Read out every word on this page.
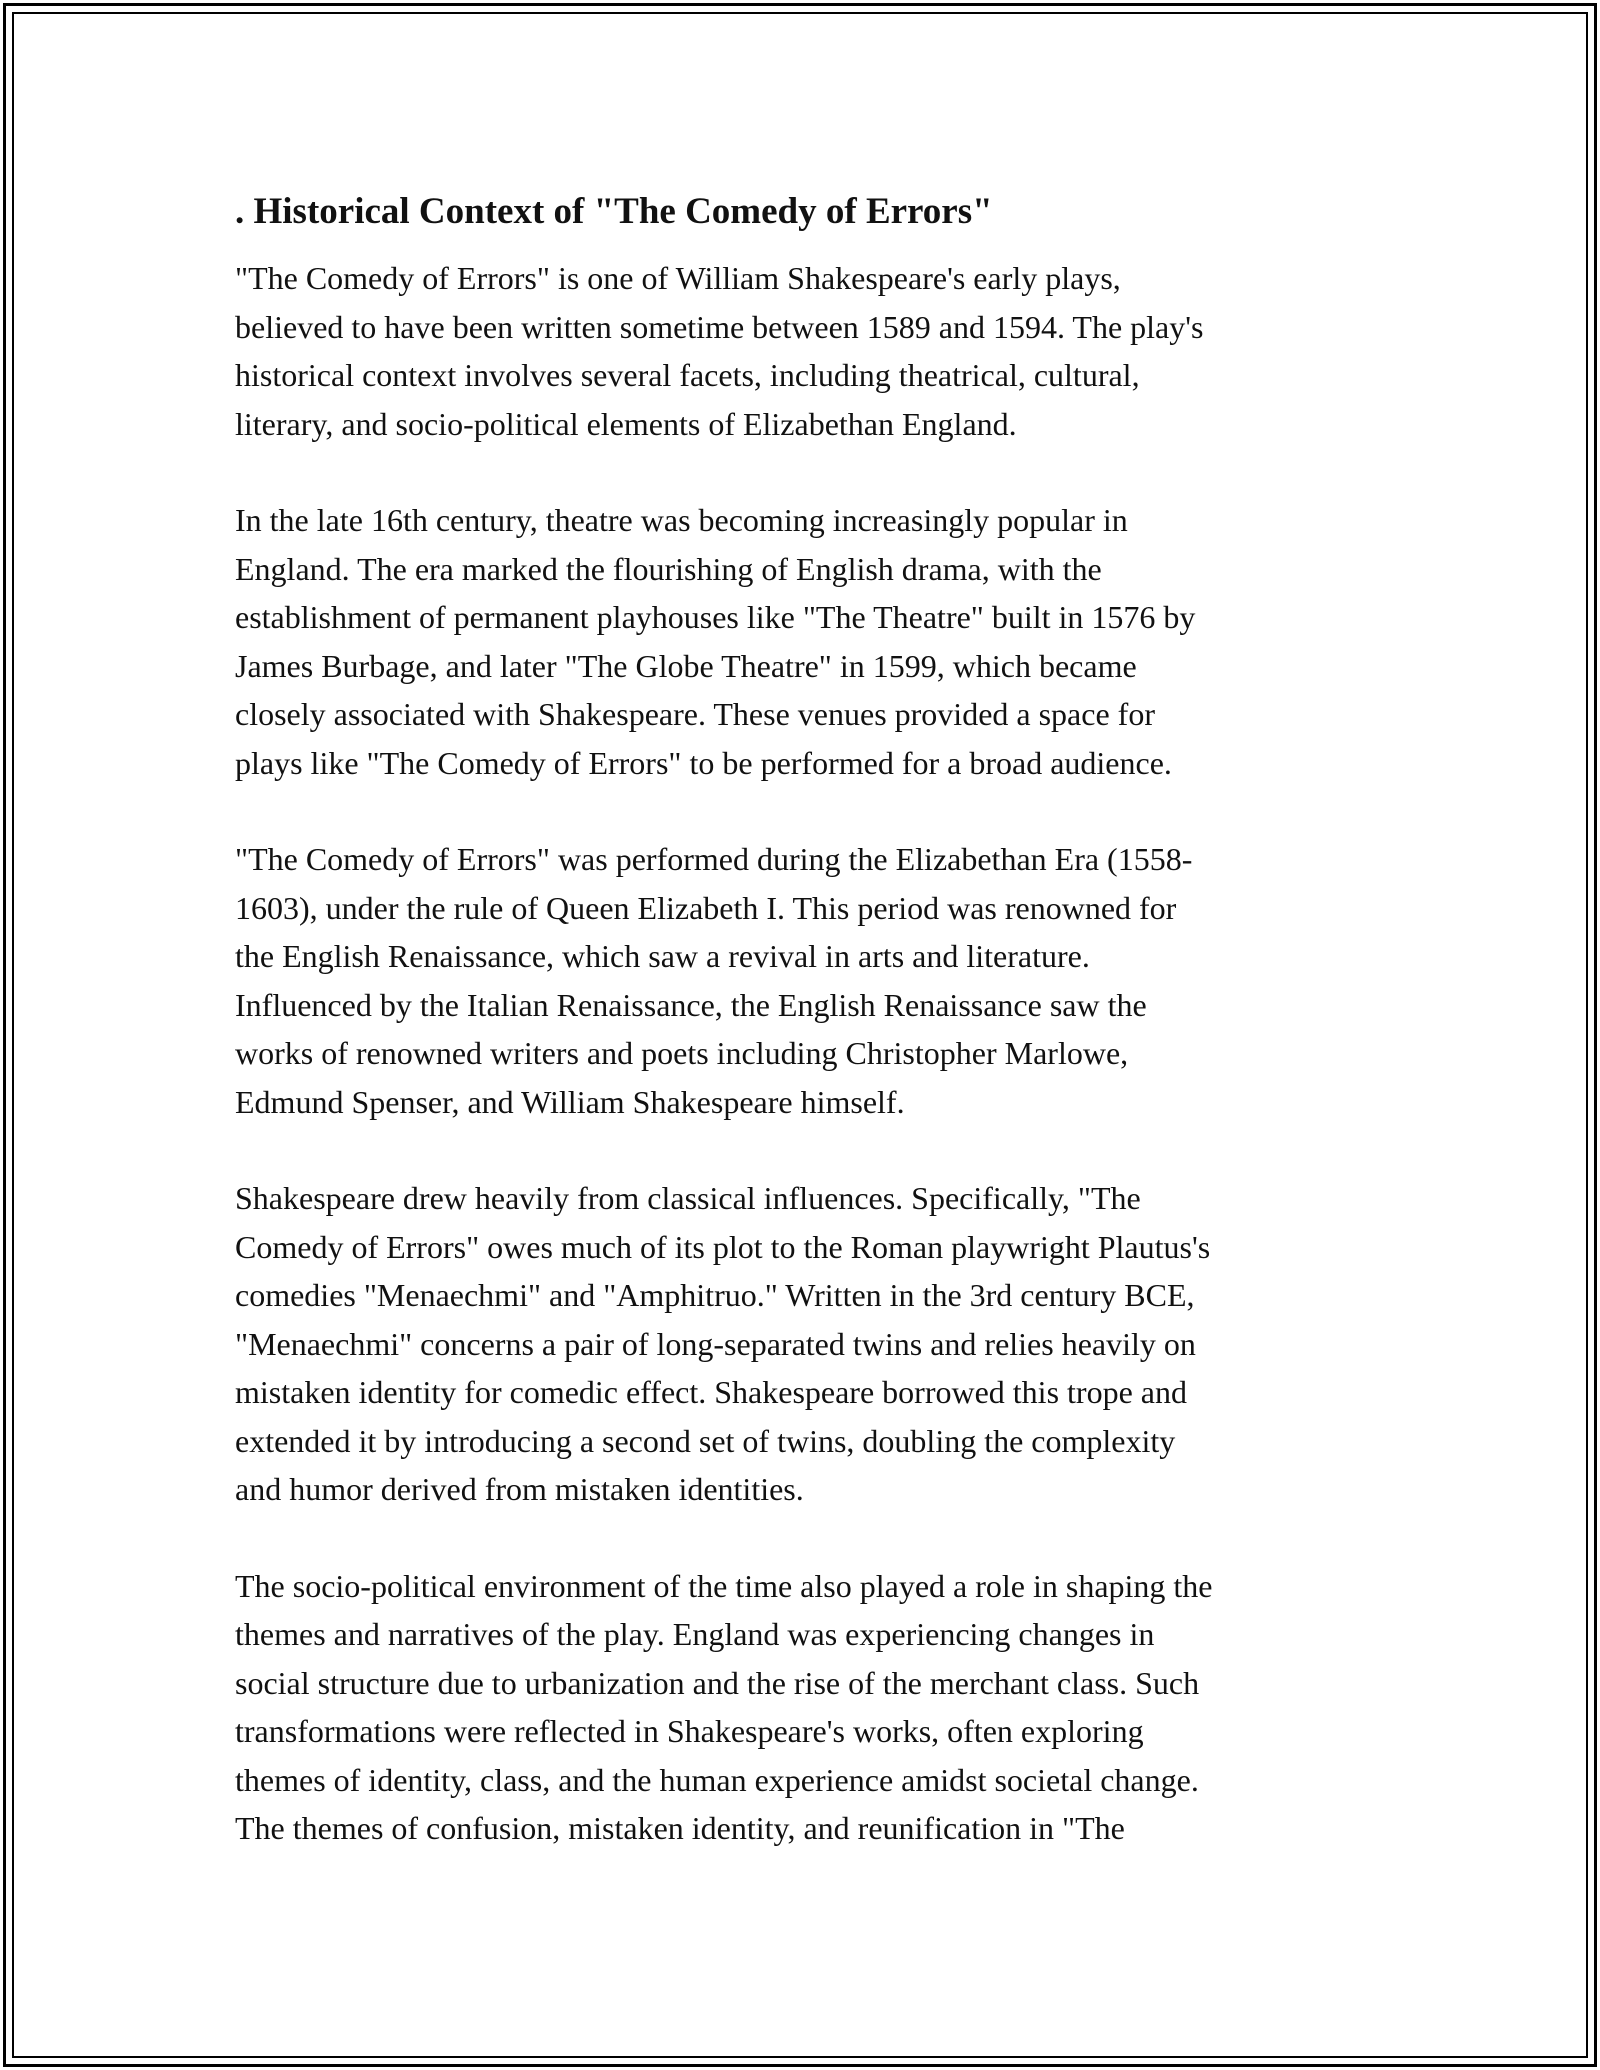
. Historical Context of "The Comedy of Errors"

"The Comedy of Errors" is one of William Shakespeare's early plays,
believed to have been written sometime between 1589 and 1594. The play's
historical context involves several facets, including theatrical, cultural,
literary, and socio-political elements of Elizabethan England.

In the late 16th century, theatre was becoming increasingly popular in
England. The era marked the flourishing of English drama, with the
establishment of permanent playhouses like "The Theatre" built in 1576 by
James Burbage, and later "The Globe Theatre" in 1599, which became
closely associated with Shakespeare. These venues provided a space for
plays like "The Comedy of Errors" to be performed for a broad audience.

"The Comedy of Errors" was performed during the Elizabethan Era (1558-
1603), under the rule of Queen Elizabeth I. This period was renowned for
the English Renaissance, which saw a revival in arts and literature.
Influenced by the Italian Renaissance, the English Renaissance saw the
works of renowned writers and poets including Christopher Marlowe,
Edmund Spenser, and William Shakespeare himself.

Shakespeare drew heavily from classical influences. Specifically, "The
Comedy of Errors" owes much of its plot to the Roman playwright Plautus's
comedies "Menaechmi" and "Amphitruo." Written in the 3rd century BCE,
"Menaechmi" concerns a pair of long-separated twins and relies heavily on
mistaken identity for comedic effect. Shakespeare borrowed this trope and
extended it by introducing a second set of twins, doubling the complexity
and humor derived from mistaken identities.

The socio-political environment of the time also played a role in shaping the
themes and narratives of the play. England was experiencing changes in
social structure due to urbanization and the rise of the merchant class. Such
transformations were reflected in Shakespeare's works, often exploring
themes of identity, class, and the human experience amidst societal change.
The themes of confusion, mistaken identity, and reunification in "The
